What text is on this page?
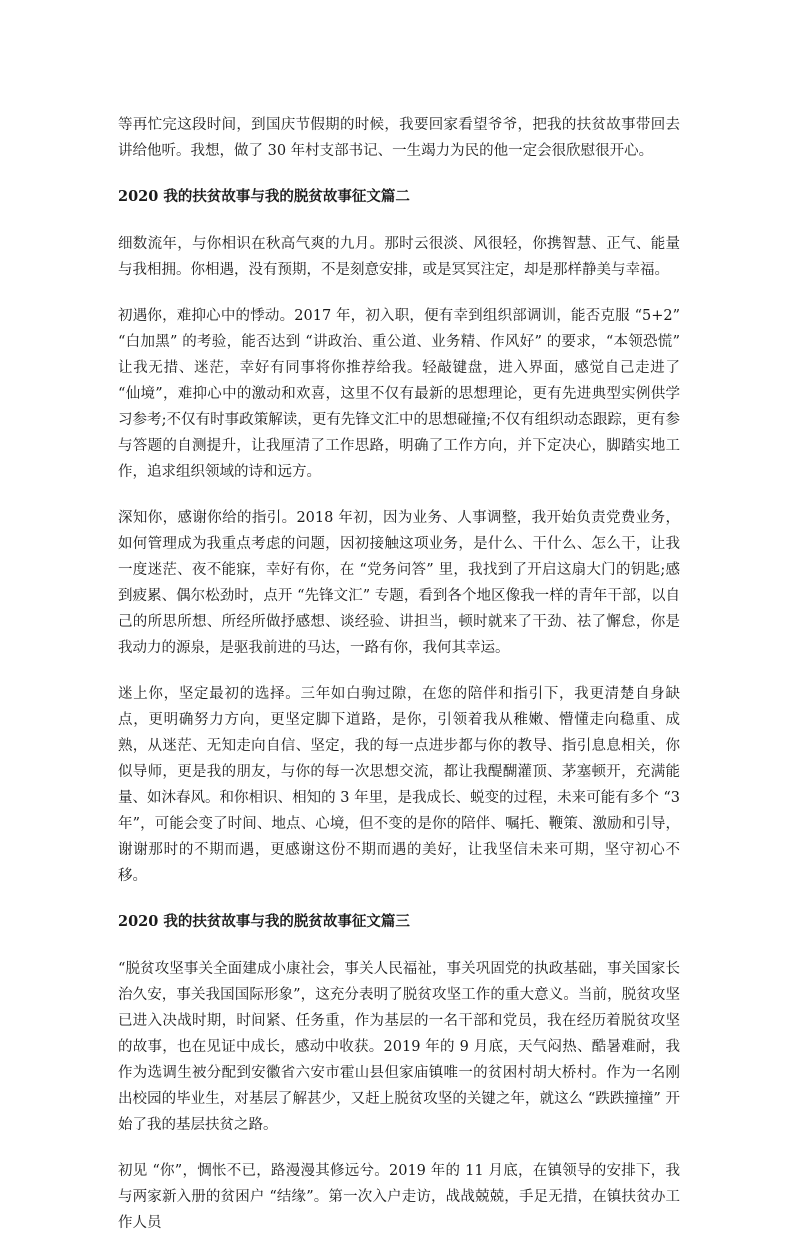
等再忙完这段时间，到国庆节假期的时候，我要回家看望爷爷，把我的扶贫故事带回去讲给他听。我想，做了 30 年村支部书记、一生竭力为民的他一定会很欣慰很开心。

2020 我的扶贫故事与我的脱贫故事征文篇二

细数流年，与你相识在秋高气爽的九月。那时云很淡、风很轻，你携智慧、正气、能量与我相拥。你相遇，没有预期，不是刻意安排，或是冥冥注定，却是那样静美与幸福。

初遇你，难抑心中的悸动。2017 年，初入职，便有幸到组织部调训，能否克服 “5+2” “白加黑” 的考验，能否达到 “讲政治、重公道、业务精、作风好” 的要求，“本领恐慌” 让我无措、迷茫，幸好有同事将你推荐给我。轻敲键盘，进入界面，感觉自己走进了 “仙境”，难抑心中的激动和欢喜，这里不仅有最新的思想理论，更有先进典型实例供学习参考;不仅有时事政策解读，更有先锋文汇中的思想碰撞;不仅有组织动态跟踪，更有参与答题的自测提升，让我厘清了工作思路，明确了工作方向，并下定决心，脚踏实地工作，追求组织领域的诗和远方。

深知你，感谢你给的指引。2018 年初，因为业务、人事调整，我开始负责党费业务，如何管理成为我重点考虑的问题，因初接触这项业务，是什么、干什么、怎么干，让我一度迷茫、夜不能寐，幸好有你，在 “党务问答” 里，我找到了开启这扇大门的钥匙;感到疲累、偶尔松劲时，点开 “先锋文汇” 专题，看到各个地区像我一样的青年干部，以自己的所思所想、所经所做抒感想、谈经验、讲担当，顿时就来了干劲、祛了懈怠，你是我动力的源泉，是驱我前进的马达，一路有你，我何其幸运。

迷上你，坚定最初的选择。三年如白驹过隙，在您的陪伴和指引下，我更清楚自身缺点，更明确努力方向，更坚定脚下道路，是你，引领着我从稚嫩、懵懂走向稳重、成熟，从迷茫、无知走向自信、坚定，我的每一点进步都与你的教导、指引息息相关，你似导师，更是我的朋友，与你的每一次思想交流，都让我醍醐灌顶、茅塞顿开，充满能量、如沐春风。和你相识、相知的 3 年里，是我成长、蜕变的过程，未来可能有多个 “3 年”，可能会变了时间、地点、心境，但不变的是你的陪伴、嘱托、鞭策、激励和引导，谢谢那时的不期而遇，更感谢这份不期而遇的美好，让我坚信未来可期，坚守初心不移。

2020 我的扶贫故事与我的脱贫故事征文篇三

“脱贫攻坚事关全面建成小康社会，事关人民福祉，事关巩固党的执政基础，事关国家长治久安，事关我国国际形象”，这充分表明了脱贫攻坚工作的重大意义。当前，脱贫攻坚已进入决战时期，时间紧、任务重，作为基层的一名干部和党员，我在经历着脱贫攻坚的故事，也在见证中成长，感动中收获。2019 年的 9 月底，天气闷热、酷暑难耐，我作为选调生被分配到安徽省六安市霍山县但家庙镇唯一的贫困村胡大桥村。作为一名刚出校园的毕业生，对基层了解甚少，又赶上脱贫攻坚的关键之年，就这么 “跌跌撞撞” 开始了我的基层扶贫之路。

初见 “你”，惆怅不已，路漫漫其修远兮。2019 年的 11 月底，在镇领导的安排下，我与两家新入册的贫困户 “结缘”。第一次入户走访，战战兢兢，手足无措，在镇扶贫办工作人员
